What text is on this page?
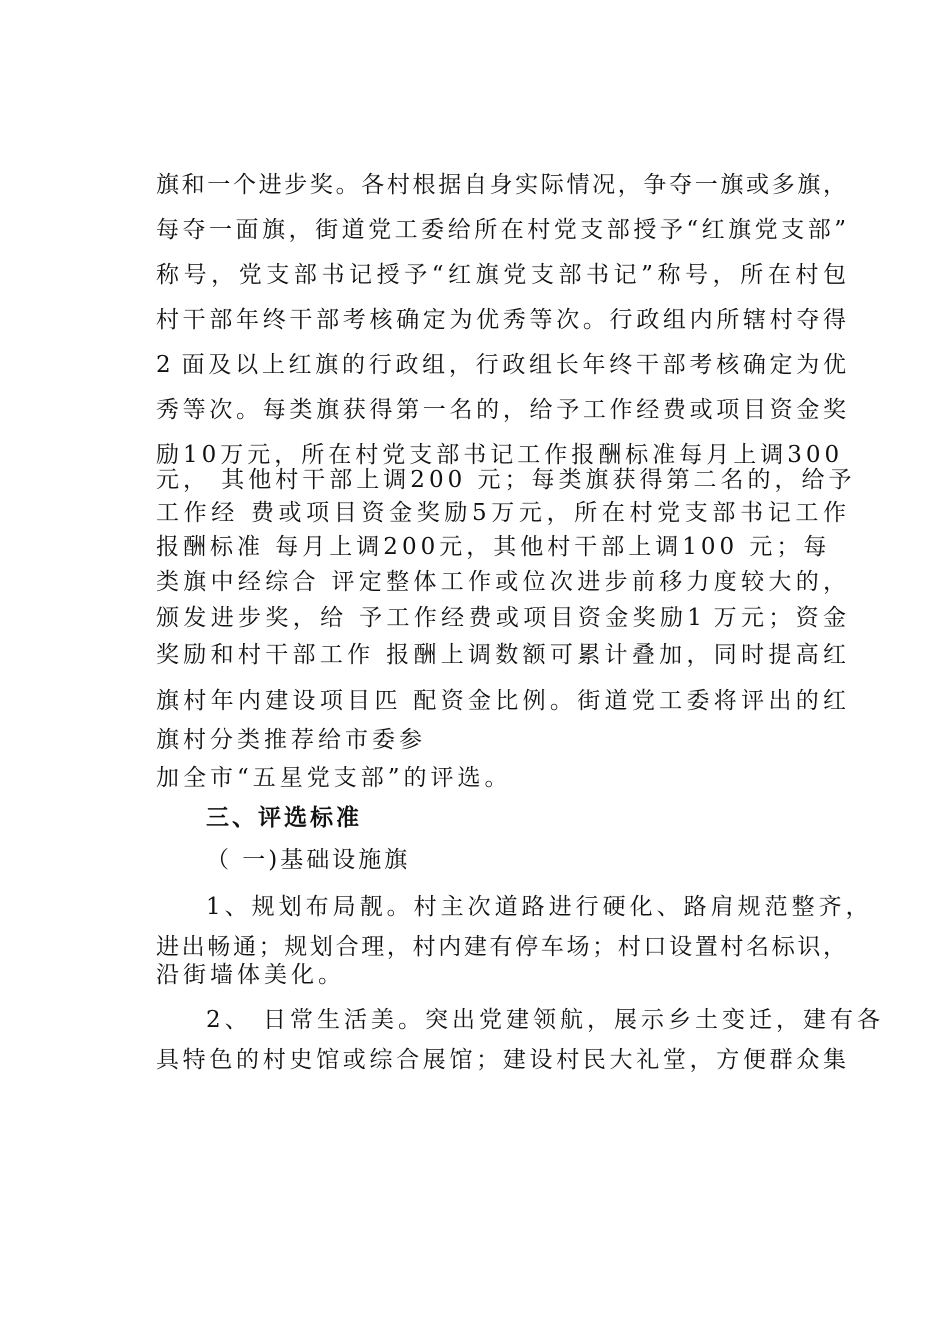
旗和一个进步奖。各村根据自身实际情况，争夺一旗或多旗，
每夺一面旗，街道党工委给所在村党支部授予“红旗党支部”
称号，党支部书记授予“红旗党支部书记”称号，所在村包
村干部年终干部考核确定为优秀等次。行政组内所辖村夺得
2 面及以上红旗的行政组，行政组长年终干部考核确定为优
秀等次。每类旗获得第一名的，给予工作经费或项目资金奖
励10万元，所在村党支部书记工作报酬标准每月上调300
元， 其他村干部上调200 元；每类旗获得第二名的，给予
工作经 费或项目资金奖励5万元，所在村党支部书记工作
报酬标准 每月上调200元，其他村干部上调100 元；每
类旗中经综合 评定整体工作或位次进步前移力度较大的，
颁发进步奖，给 予工作经费或项目资金奖励1 万元；资金
奖励和村干部工作 报酬上调数额可累计叠加，同时提高红
旗村年内建设项目匹 配资金比例。街道党工委将评出的红
旗村分类推荐给市委参
加全市“五星党支部”的评选。
三、评选标准
（ 一)基础设施旗
1、规划布局靓。村主次道路进行硬化、路肩规范整齐，
进出畅通；规划合理，村内建有停车场；村口设置村名标识，
沿街墙体美化。
2、 日常生活美。突出党建领航，展示乡土变迁，建有各
具特色的村史馆或综合展馆；建设村民大礼堂，方便群众集
